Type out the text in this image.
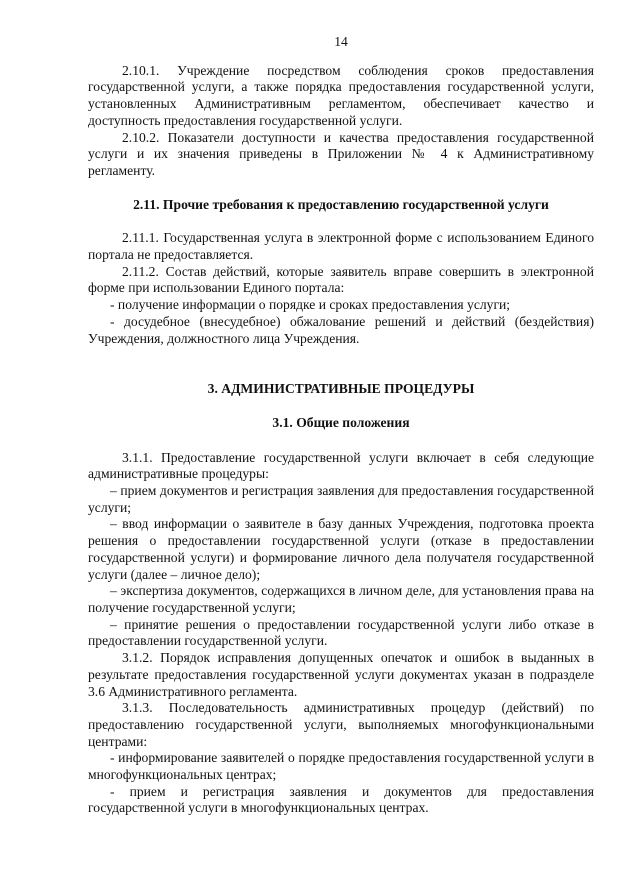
14

2.10.1. Учреждение посредством соблюдения сроков предоставления государственной услуги, а также порядка предоставления государственной услуги, установленных Административным регламентом, обеспечивает качество и доступность предоставления государственной услуги.

2.10.2. Показатели доступности и качества предоставления государственной услуги и их значения приведены в Приложении № 4 к Административному регламенту.

2.11. Прочие требования к предоставлению государственной услуги

2.11.1. Государственная услуга в электронной форме с использованием Единого портала не предоставляется.

2.11.2. Состав действий, которые заявитель вправе совершить в электронной форме при использовании Единого портала:

- получение информации о порядке и сроках предоставления услуги;

- досудебное (внесудебное) обжалование решений и действий (бездействия) Учреждения, должностного лица Учреждения.

3. АДМИНИСТРАТИВНЫЕ ПРОЦЕДУРЫ

3.1. Общие положения

3.1.1. Предоставление государственной услуги включает в себя следующие административные процедуры:

– прием документов и регистрация заявления для предоставления государственной услуги;

– ввод информации о заявителе в базу данных Учреждения, подготовка проекта решения о предоставлении государственной услуги (отказе в предоставлении государственной услуги) и формирование личного дела получателя государственной услуги (далее – личное дело);

– экспертиза документов, содержащихся в личном деле, для установления права на получение государственной услуги;

– принятие решения о предоставлении государственной услуги либо отказе в предоставлении государственной услуги.

3.1.2. Порядок исправления допущенных опечаток и ошибок в выданных в результате предоставления государственной услуги документах указан в подразделе 3.6 Административного регламента.

3.1.3. Последовательность административных процедур (действий) по предоставлению государственной услуги, выполняемых многофункциональными центрами:

- информирование заявителей о порядке предоставления государственной услуги в многофункциональных центрах;

- прием и регистрация заявления и документов для предоставления государственной услуги в многофункциональных центрах.
